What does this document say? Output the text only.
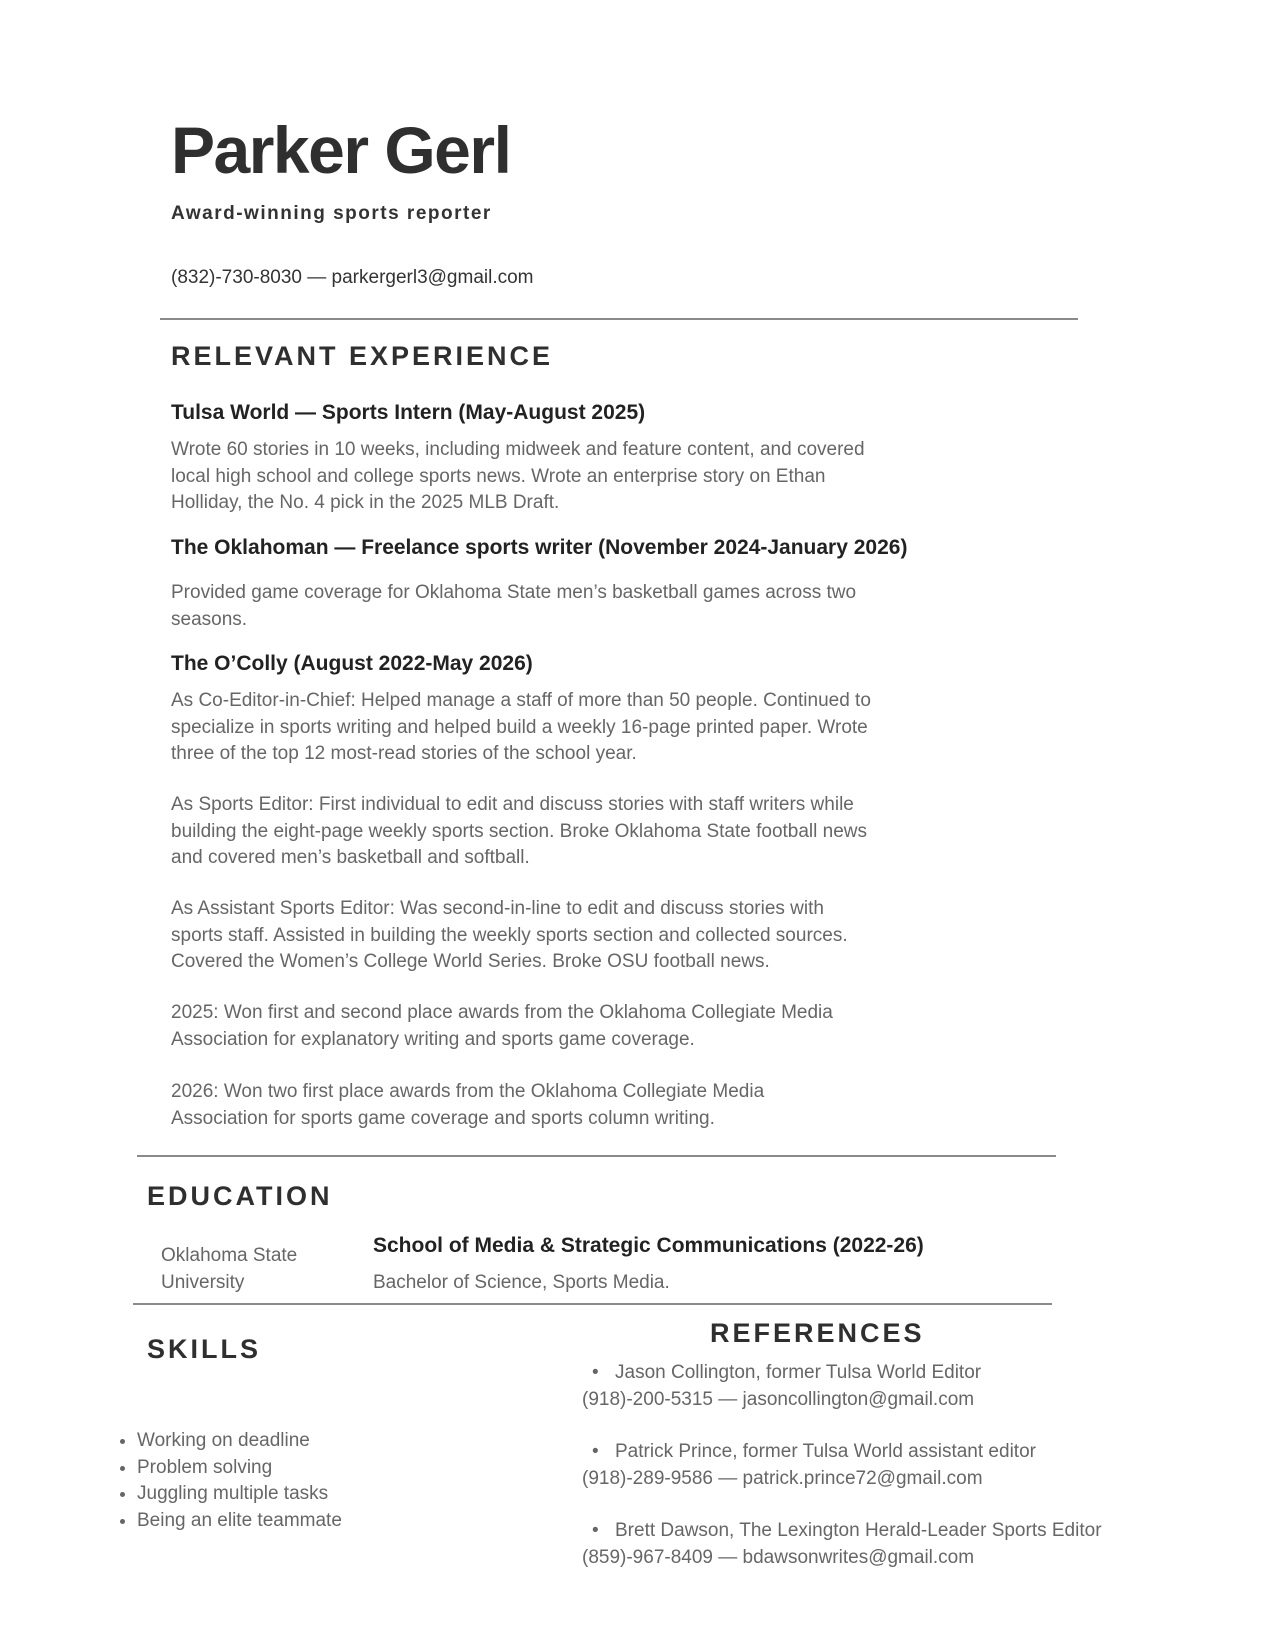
Parker Gerl
Award-winning sports reporter
(832)-730-8030 — parkergerl3@gmail.com
RELEVANT EXPERIENCE
Tulsa World — Sports Intern (May-August 2025)

Wrote 60 stories in 10 weeks, including midweek and feature content, and covered local high school and college sports news. Wrote an enterprise story on Ethan Holliday, the No. 4 pick in the 2025 MLB Draft.

The Oklahoman — Freelance sports writer (November 2024-January 2026)

Provided game coverage for Oklahoma State men’s basketball games across two seasons.

The O’Colly (August 2022-May 2026)

As Co-Editor-in-Chief: Helped manage a staff of more than 50 people. Continued to specialize in sports writing and helped build a weekly 16-page printed paper. Wrote three of the top 12 most-read stories of the school year.

As Sports Editor: First individual to edit and discuss stories with staff writers while building the eight-page weekly sports section. Broke Oklahoma State football news and covered men’s basketball and softball.

As Assistant Sports Editor: Was second-in-line to edit and discuss stories with sports staff. Assisted in building the weekly sports section and collected sources. Covered the Women’s College World Series. Broke OSU football news.

2025: Won first and second place awards from the Oklahoma Collegiate Media Association for explanatory writing and sports game coverage.

2026: Won two first place awards from the Oklahoma Collegiate Media Association for sports game coverage and sports column writing.

EDUCATION
Oklahoma State University
School of Media & Strategic Communications (2022-26)
Bachelor of Science, Sports Media.
SKILLS
• Working on deadline
• Problem solving
• Juggling multiple tasks
• Being an elite teammate
REFERENCES
• Jason Collington, former Tulsa World Editor
(918)-200-5315 — jasoncollington@gmail.com
• Patrick Prince, former Tulsa World assistant editor
(918)-289-9586 — patrick.prince72@gmail.com
• Brett Dawson, The Lexington Herald-Leader Sports Editor
(859)-967-8409 — bdawsonwrites@gmail.com
